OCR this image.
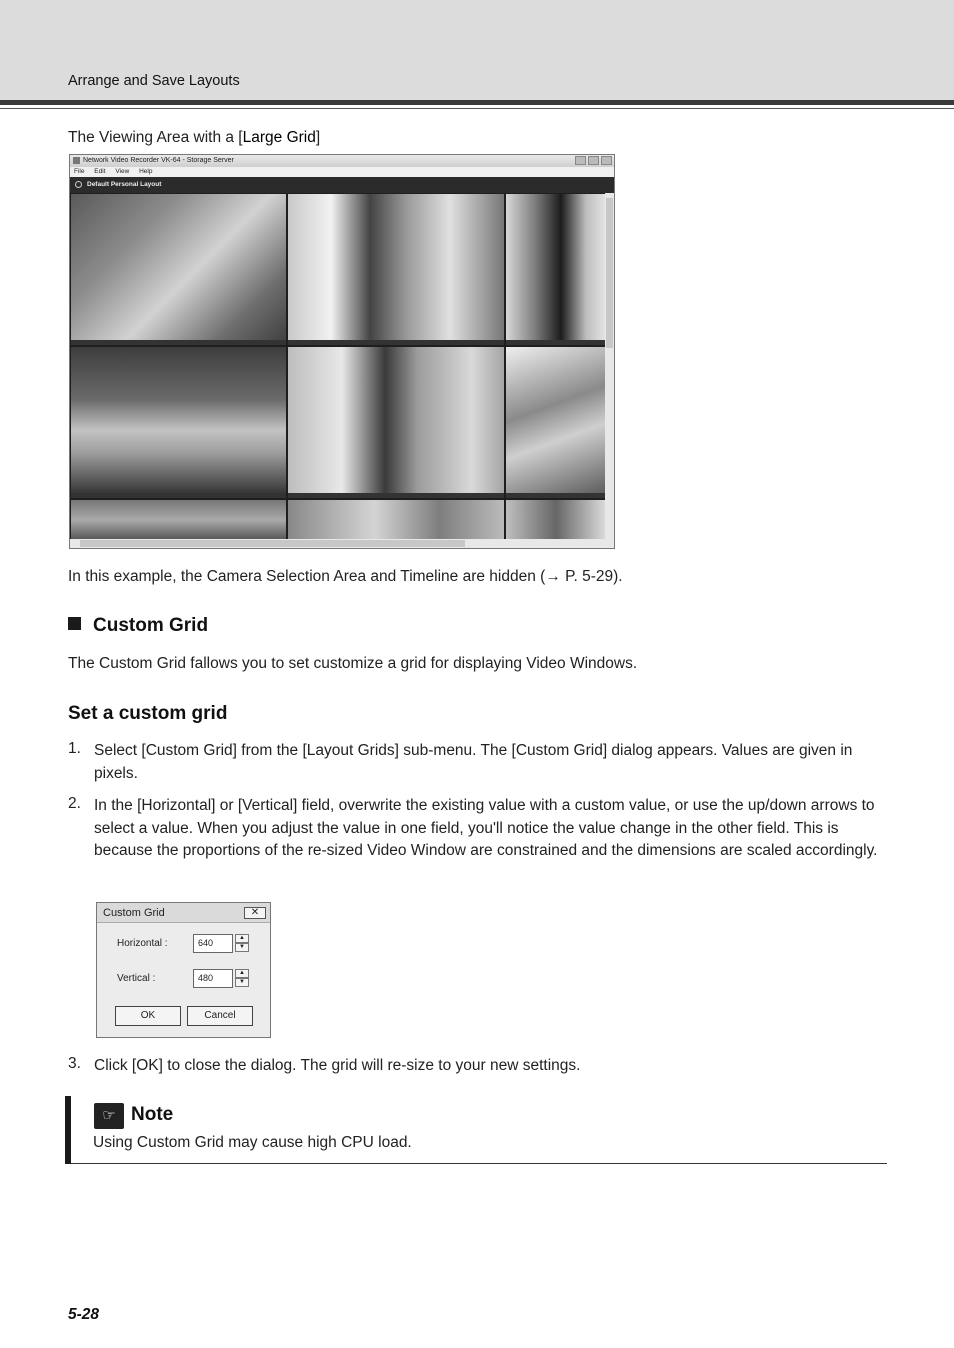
Arrange and Save Layouts
The Viewing Area with a [Large Grid]
Network Video Recorder VK-64 - Storage Server
File Edit View Help
Default Personal Layout
In this example, the Camera Selection Area and Timeline are hidden (→ P. 5-29).
Custom Grid
The Custom Grid fallows you to set customize a grid for displaying Video Windows.
Set a custom grid
1. Select [Custom Grid] from the [Layout Grids] sub-menu. The [Custom Grid] dialog appears. Values are given in pixels.
2. In the [Horizontal] or [Vertical] field, overwrite the existing value with a custom value, or use the up/down arrows to select a value. When you adjust the value in one field, you'll notice the value change in the other field. This is because the proportions of the re-sized Video Window are constrained and the dimensions are scaled accordingly.
Custom Grid	✕
Horizontal :	640	▲
▼
Vertical :	480	▲
▼
OK	Cancel
3. Click [OK] to close the dialog. The grid will re-size to your new settings.
☞ Note
Using Custom Grid may cause high CPU load.
5-28
